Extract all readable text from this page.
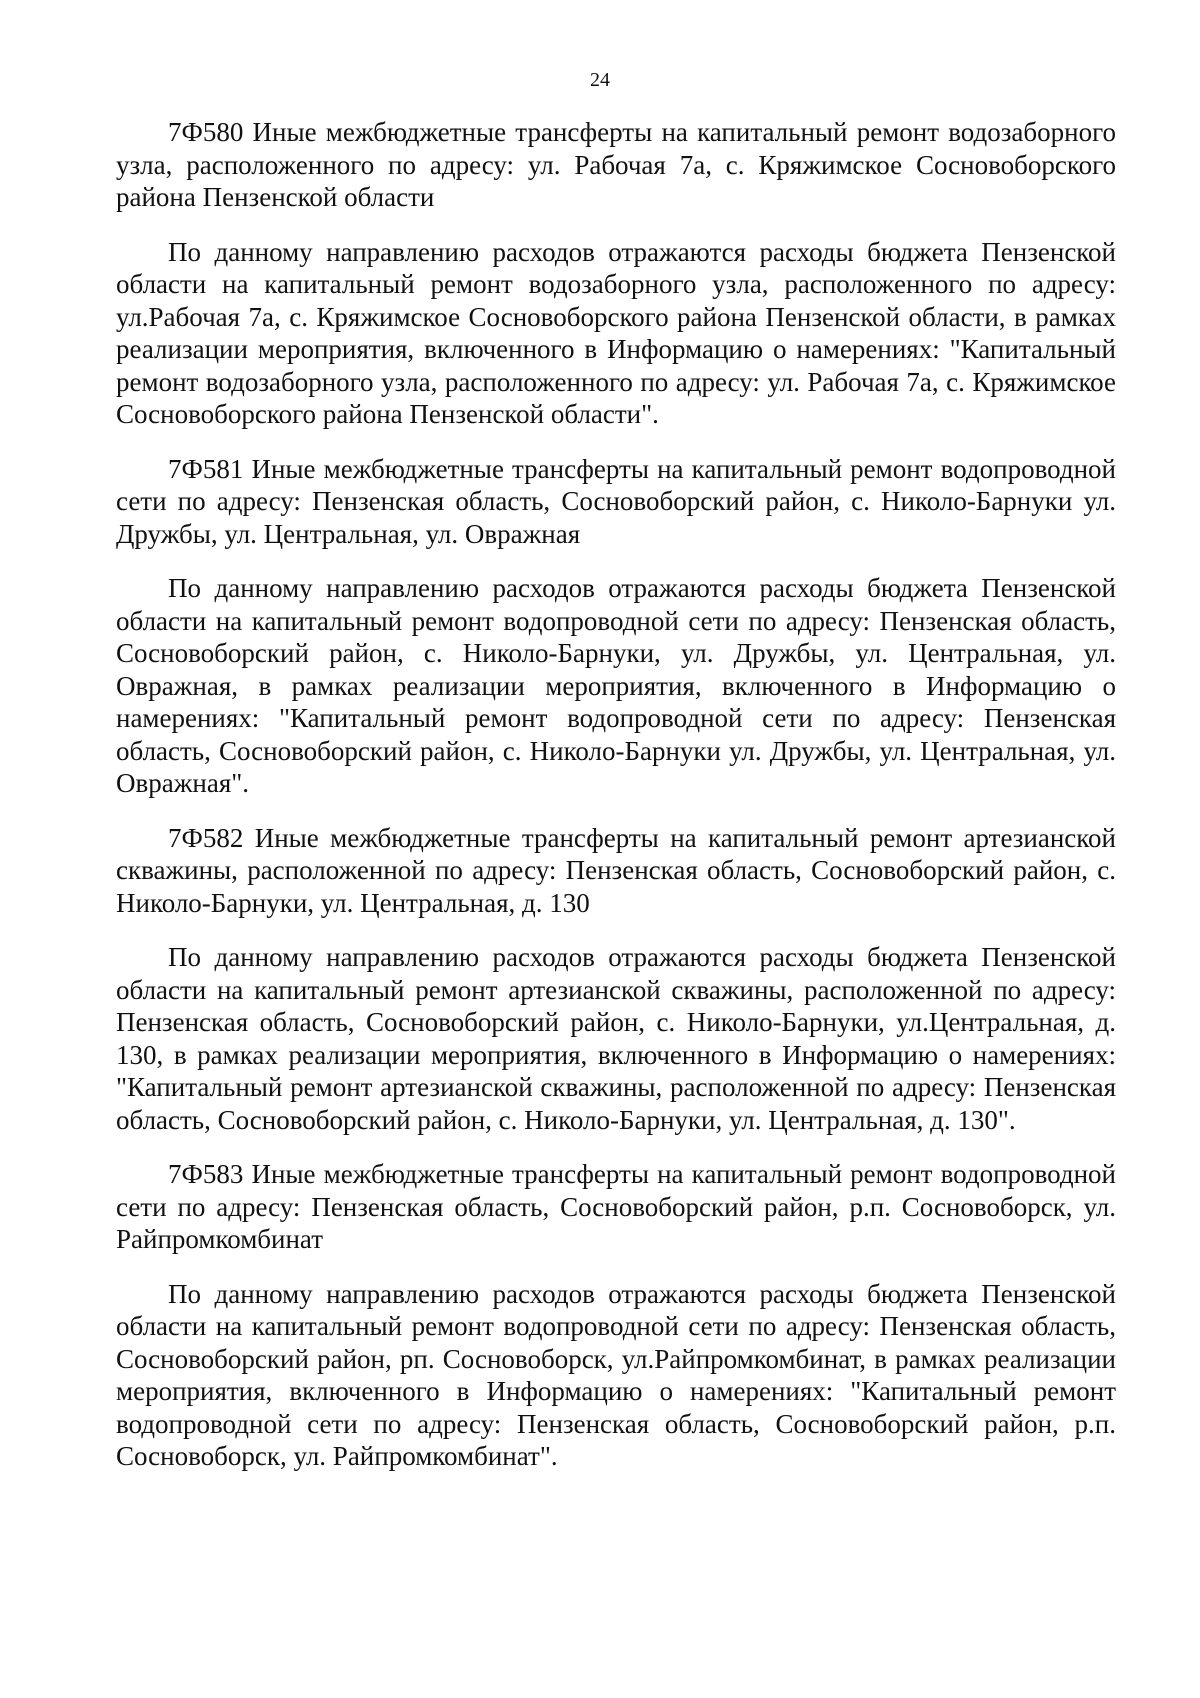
24

7Ф580 Иные межбюджетные трансферты на капитальный ремонт водозаборного узла, расположенного по адресу: ул. Рабочая 7а, с. Кряжимское Сосновоборского района Пензенской области

По данному направлению расходов отражаются расходы бюджета Пензенской области на капитальный ремонт водозаборного узла, расположенного по адресу: ул.Рабочая 7а, с. Кряжимское Сосновоборского района Пензенской области, в рамках реализации мероприятия, включенного в Информацию о намерениях: "Капитальный ремонт водозаборного узла, расположенного по адресу: ул. Рабочая 7а, с. Кряжимское Сосновоборского района Пензенской области".

7Ф581 Иные межбюджетные трансферты на капитальный ремонт водопроводной сети по адресу: Пензенская область, Сосновоборский район, с. Николо-Барнуки ул. Дружбы, ул. Центральная, ул. Овражная

По данному направлению расходов отражаются расходы бюджета Пензенской области на капитальный ремонт водопроводной сети по адресу: Пензенская область, Сосновоборский район, с. Николо-Барнуки, ул. Дружбы, ул. Центральная, ул. Овражная, в рамках реализации мероприятия, включенного в Информацию о намерениях: "Капитальный ремонт водопроводной сети по адресу: Пензенская область, Сосновоборский район, с. Николо-Барнуки ул. Дружбы, ул. Центральная, ул. Овражная".

7Ф582 Иные межбюджетные трансферты на капитальный ремонт артезианской скважины, расположенной по адресу: Пензенская область, Сосновоборский район, с. Николо-Барнуки, ул. Центральная, д. 130

По данному направлению расходов отражаются расходы бюджета Пензенской области на капитальный ремонт артезианской скважины, расположенной по адресу: Пензенская область, Сосновоборский район, с. Николо-Барнуки, ул.Центральная, д. 130, в рамках реализации мероприятия, включенного в Информацию о намерениях: "Капитальный ремонт артезианской скважины, расположенной по адресу: Пензенская область, Сосновоборский район, с. Николо-Барнуки, ул. Центральная, д. 130".

7Ф583 Иные межбюджетные трансферты на капитальный ремонт водопроводной сети по адресу: Пензенская область, Сосновоборский район, р.п. Сосновоборск, ул. Райпромкомбинат

По данному направлению расходов отражаются расходы бюджета Пензенской области на капитальный ремонт водопроводной сети по адресу: Пензенская область, Сосновоборский район, рп. Сосновоборск, ул.Райпромкомбинат, в рамках реализации мероприятия, включенного в Информацию о намерениях: "Капитальный ремонт водопроводной сети по адресу: Пензенская область, Сосновоборский район, р.п. Сосновоборск, ул. Райпромкомбинат".
